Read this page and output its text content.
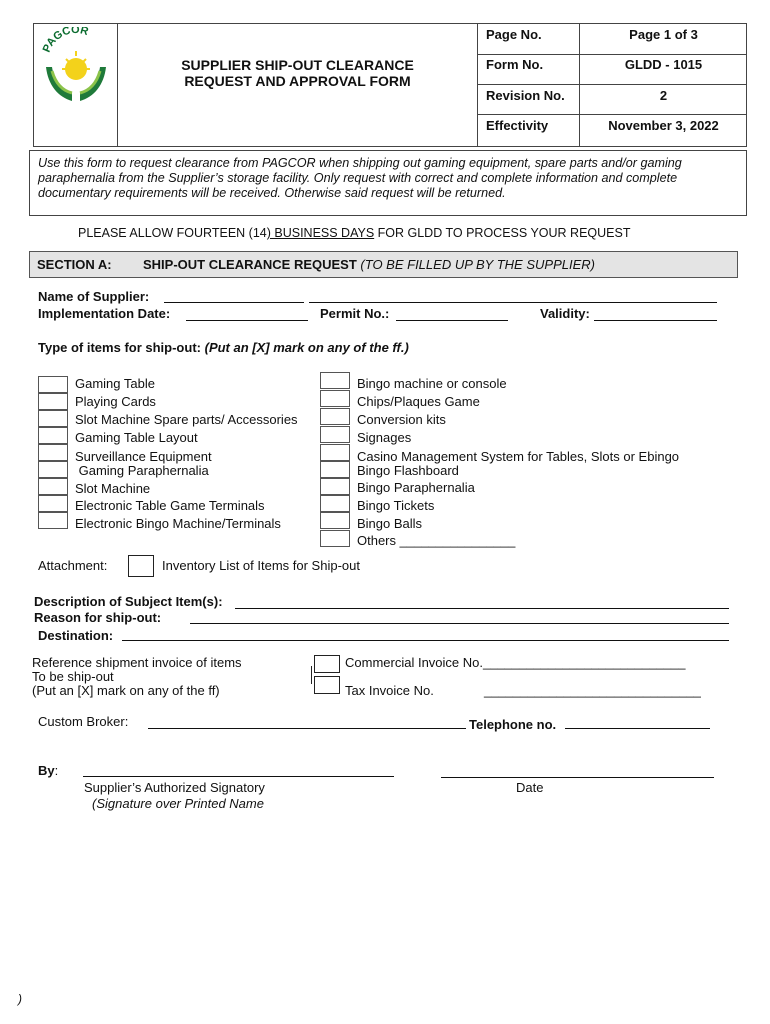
PAGCOR
SUPPLIER SHIP-OUT CLEARANCE
REQUEST AND APPROVAL FORM
Page No.	Page 1 of 3
Form No.	GLDD - 1015
Revision No.	2
Effectivity	November 3, 2022
Use this form to request clearance from PAGCOR when shipping out gaming equipment, spare parts and/or gaming paraphernalia from the Supplier’s storage facility. Only request with correct and complete information and complete documentary requirements will be received. Otherwise said request will be returned.
PLEASE ALLOW FOURTEEN (14) BUSINESS DAYS FOR GLDD TO PROCESS YOUR REQUEST
SECTION A: SHIP-OUT CLEARANCE REQUEST (TO BE FILLED UP BY THE SUPPLIER)
Name of Supplier:
Implementation Date:	Permit No.:	Validity:
Type of items for ship-out: (Put an [X] mark on any of the ff.)
Gaming Table
Playing Cards
Slot Machine Spare parts/ Accessories
Gaming Table Layout
Surveillance Equipment
Gaming Paraphernalia
Slot Machine
Electronic Table Game Terminals
Electronic Bingo Machine/Terminals
Bingo machine or console
Chips/Plaques Game
Conversion kits
Signages
Casino Management System for Tables, Slots or Ebingo
Bingo Flashboard
Bingo Paraphernalia
Bingo Tickets
Bingo Balls
Others ________________
Attachment:	Inventory List of Items for Ship-out
Description of Subject Item(s):
Reason for ship-out:
Destination:
Reference shipment invoice of items
To be ship-out
(Put an [X] mark on any of the ff)
Commercial Invoice No.____________________________
Tax Invoice No.	______________________________
Custom Broker:	Telephone no.
By:
Supplier’s Authorized Signatory
(Signature over Printed Name
Date
)
